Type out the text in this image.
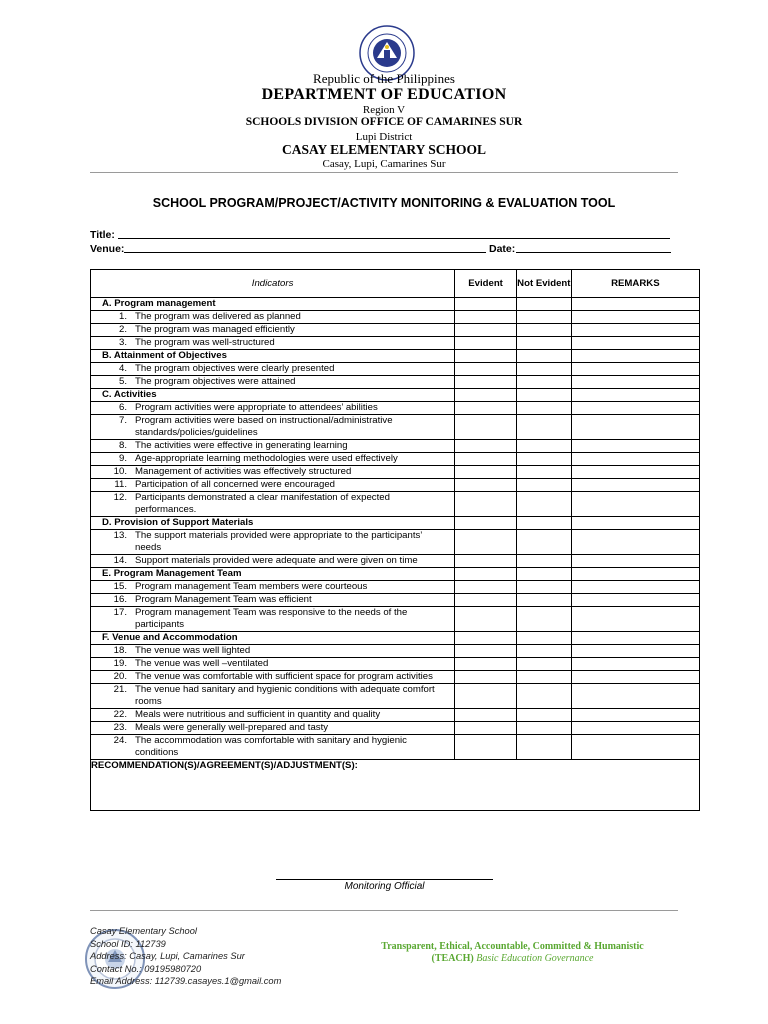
Republic of the Philippines
DEPARTMENT OF EDUCATION
Region V
SCHOOLS DIVISION OFFICE OF CAMARINES SUR
Lupi District
CASAY ELEMENTARY SCHOOL
Casay, Lupi, Camarines Sur
SCHOOL PROGRAM/PROJECT/ACTIVITY MONITORING & EVALUATION TOOL
Title:
Venue:	Date:
Indicators	Evident	Not Evident	REMARKS
A. Program management			

1. The program was delivered as planned			

2. The program was managed efficiently			

3. The program was well-structured			

B. Attainment of Objectives			

4. The program objectives were clearly presented			

5. The program objectives were attained			

C. Activities			

6. Program activities were appropriate to attendees’ abilities			

7. Program activities were based on instructional/administrative standards/policies/guidelines			

8. The activities were effective in generating learning			

9. Age-appropriate learning methodologies were used effectively			

10. Management of activities was effectively structured			

11. Participation of all concerned were encouraged			

12. Participants demonstrated a clear manifestation of expected performances.			

D. Provision of Support Materials			

13. The support materials provided were appropriate to the participants’ needs			

14. Support materials provided were adequate and were given on time			

E. Program Management Team			

15. Program management Team members were courteous			

16. Program Management Team was efficient			

17. Program management Team was responsive to the needs of the participants			

F. Venue and Accommodation			

18. The venue was well lighted			

19. The venue was well –ventilated			

20. The venue was comfortable with sufficient space for program activities			

21. The venue had sanitary and hygienic conditions with adequate comfort rooms			

22. Meals were nutritious and sufficient in quantity and quality			

23. Meals were generally well-prepared and tasty			

24. The accommodation was comfortable with sanitary and hygienic conditions			

RECOMMENDATION(S)/AGREEMENT(S)/ADJUSTMENT(S):			
Monitoring Official
Casay Elementary School
School ID: 112739
Address: Casay, Lupi, Camarines Sur
Contact No.: 09195980720
Email Address: 112739.casayes.1@gmail.com
Transparent, Ethical, Accountable, Committed & Humanistic
(TEACH) Basic Education Governance
